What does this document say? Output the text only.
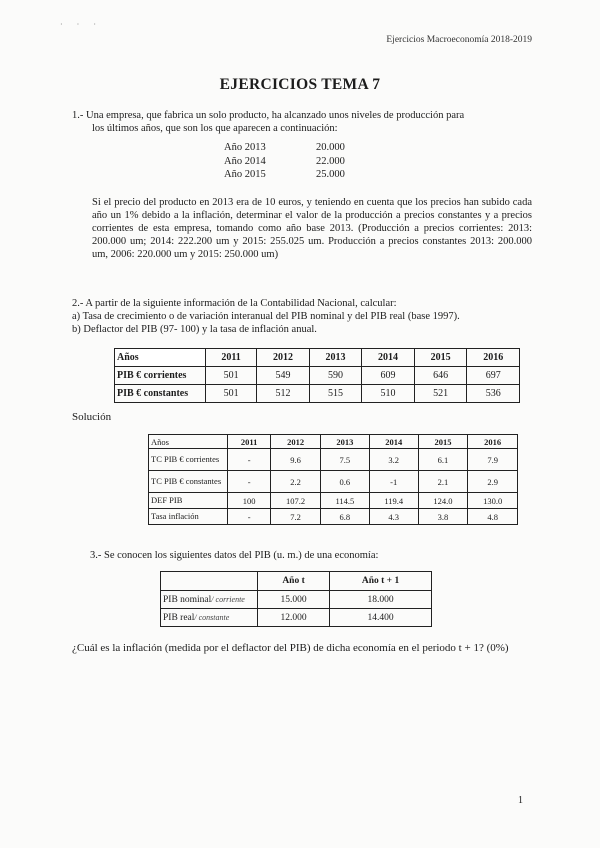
· · ·
Ejercicios Macroeconomía 2018-2019
EJERCICIOS TEMA 7
1.- Una empresa, que fabrica un solo producto, ha alcanzado unos niveles de producción para

los últimos años, que son los que aparecen a continuación:
Año 2013	20.000
Año 2014	22.000
Año 2015	25.000
Si el precio del producto en 2013 era de 10 euros, y teniendo en cuenta que los precios han subido cada año un 1% debido a la inflación, determinar el valor de la producción a precios constantes y a precios corrientes de esta empresa, tomando como año base 2013. (Producción a precios corrientes: 2013: 200.000 um; 2014: 222.200 um y 2015: 255.025 um. Producción a precios constantes 2013: 200.000 um, 2006: 220.000 um y 2015: 250.000 um)
2.- A partir de la siguiente información de la Contabilidad Nacional, calcular:
a) Tasa de crecimiento o de variación interanual del PIB nominal y del PIB real (base 1997).
b) Deflactor del PIB (97- 100) y la tasa de inflación anual.
Años	2011	2012	2013	2014	2015	2016
PIB € corrientes	501	549	590	609	646	697
PIB € constantes	501	512	515	510	521	536
Solución
Años	2011	2012	2013	2014	2015	2016
TC PIB € corrientes	-	9.6	7.5	3.2	6.1	7.9
TC PIB € constantes	-	2.2	0.6	-1	2.1	2.9
DEF PIB	100	107.2	114.5	119.4	124.0	130.0
Tasa inflación	-	7.2	6.8	4.3	3.8	4.8
3.- Se conocen los siguientes datos del PIB (u. m.) de una economía:
	Año t	Año t + 1
PIB nominal/ corriente	15.000	18.000
PIB real/ constante	12.000	14.400
¿Cuál es la inflación (medida por el deflactor del PIB) de dicha economía en el periodo t + 1? (0%)
1
